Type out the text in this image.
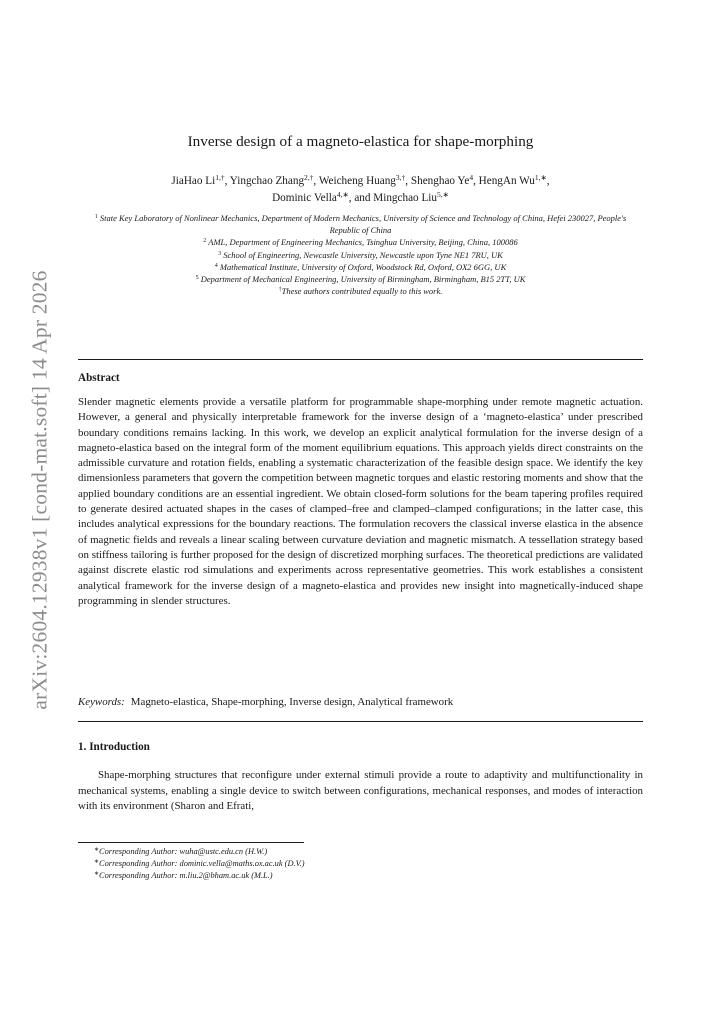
arXiv:2604.12938v1 [cond-mat.soft] 14 Apr 2026
Inverse design of a magneto-elastica for shape-morphing
JiaHao $Li^{1,\dagger}$, Yingchao Zhang$^{2,\dagger}$, Weicheng Huang$^{3,\dagger}$, Shenghao Ye$^4$, HengAn $Wu^{1,∗}$,
Dominic Vella$^{4,∗}$, and Mingchao Liu$^{5,∗}$
$^1$ State Key Laboratory of Nonlinear Mechanics, Department of Modern Mechanics, University of Science and Technology of China, Hefei 230027, People's Republic of China
$^2$ AML, Department of Engineering Mechanics, Tsinghua University, Beijing, China, 100086
$^3$ School of Engineering, Newcastle University, Newcastle upon Tyne NE1 7RU, UK
$^4$ Mathematical Institute, University of Oxford, Woodstock Rd, Oxford, OX2 6GG, UK
$^5$ Department of Mechanical Engineering, University of Birmingham, Birmingham, B15 2TT, UK
†These authors contributed equally to this work.
Abstract

Slender magnetic elements provide a versatile platform for programmable shape-morphing under remote magnetic actuation. However, a general and physically interpretable framework for the inverse design of a ‘magneto-elastica’ under prescribed boundary conditions remains lacking. In this work, we develop an explicit analytical formulation for the inverse design of a magneto-elastica based on the integral form of the moment equilibrium equations. This approach yields direct constraints on the admissible curvature and rotation fields, enabling a systematic characterization of the feasible design space. We identify the key dimensionless parameters that govern the competition between magnetic torques and elastic restoring moments and show that the applied boundary conditions are an essential ingredient. We obtain closed-form solutions for the beam tapering profiles required to generate desired actuated shapes in the cases of clamped–free and clamped–clamped configurations; in the latter case, this includes analytical expressions for the boundary reactions. The formulation recovers the classical inverse elastica in the absence of magnetic fields and reveals a linear scaling between curvature deviation and magnetic mismatch. A tessellation strategy based on stiffness tailoring is further proposed for the design of discretized morphing surfaces. The theoretical predictions are validated against discrete elastic rod simulations and experiments across representative geometries. This work establishes a consistent analytical framework for the inverse design of a magneto-elastica and provides new insight into magnetically-induced shape programming in slender structures.

Keywords: Magneto-elastica, Shape-morphing, Inverse design, Analytical framework

1. Introduction

Shape-morphing structures that reconfigure under external stimuli provide a route to adaptivity and multifunctionality in mechanical systems, enabling a single device to switch between configurations, mechanical responses, and modes of interaction with its environment (Sharon and Efrati,

∗Corresponding Author: wuha@ustc.edu.cn (H.W.)
∗Corresponding Author: dominic.vella@maths.ox.ac.uk (D.V.)
∗Corresponding Author: m.liu.2@bham.ac.uk (M.L.)
